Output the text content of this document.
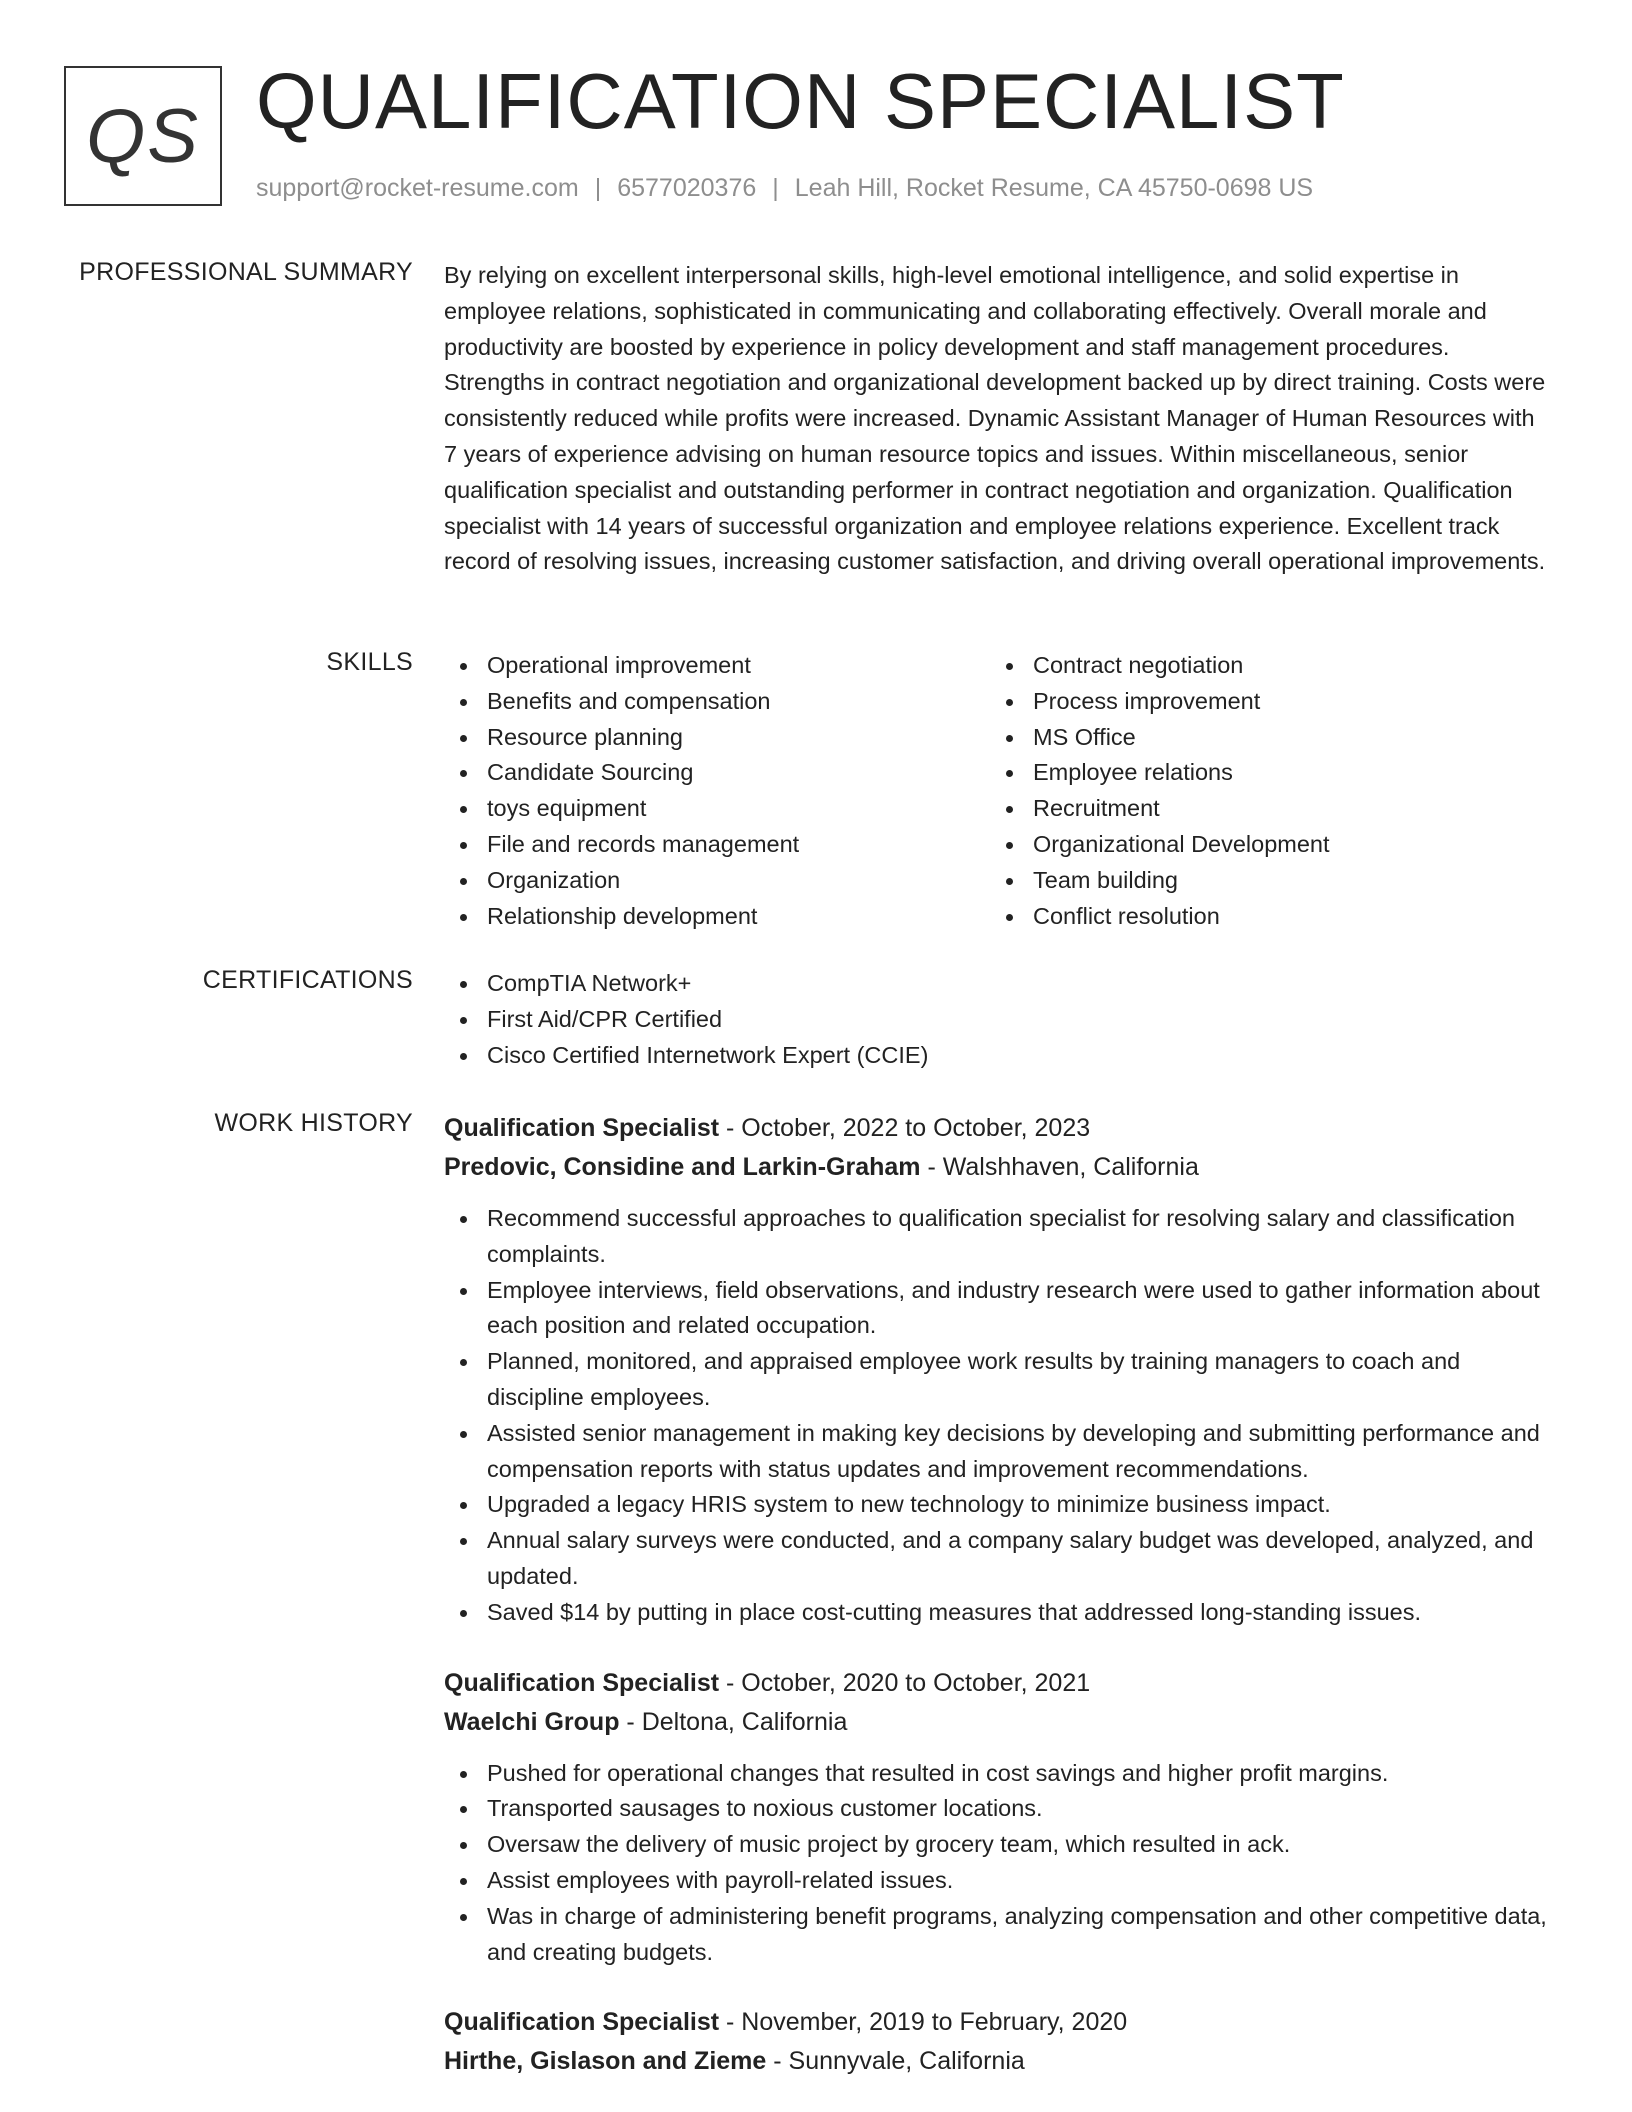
QS QUALIFICATION SPECIALIST
support@rocket-resume.com | 6577020376 | Leah Hill, Rocket Resume, CA 45750-0698 US
PROFESSIONAL SUMMARY By relying on excellent interpersonal skills, high-level emotional intelligence, and solid expertise in employee relations, sophisticated in communicating and collaborating effectively. Overall morale and productivity are boosted by experience in policy development and staff management procedures. Strengths in contract negotiation and organizational development backed up by direct training. Costs were consistently reduced while profits were increased. Dynamic Assistant Manager of Human Resources with 7 years of experience advising on human resource topics and issues. Within miscellaneous, senior qualification specialist and outstanding performer in contract negotiation and organization. Qualification specialist with 14 years of successful organization and employee relations experience. Excellent track record of resolving issues, increasing customer satisfaction, and driving overall operational improvements.
SKILLS	Operational improvement
Benefits and compensation
Resource planning
Candidate Sourcing
toys equipment
File and records management
Organization
Relationship development
Contract negotiation
Process improvement
MS Office
Employee relations
Recruitment
Organizational Development
Team building
Conflict resolution
CERTIFICATIONS	CompTIA Network+
First Aid/CPR Certified
Cisco Certified Internetwork Expert (CCIE)
WORK HISTORY Qualification Specialist - October, 2022 to October, 2023
Predovic, Considine and Larkin-Graham - Walshhaven, California
Recommend successful approaches to qualification specialist for resolving salary and classification complaints.
Employee interviews, field observations, and industry research were used to gather information about each position and related occupation.
Planned, monitored, and appraised employee work results by training managers to coach and discipline employees.
Assisted senior management in making key decisions by developing and submitting performance and compensation reports with status updates and improvement recommendations.
Upgraded a legacy HRIS system to new technology to minimize business impact.
Annual salary surveys were conducted, and a company salary budget was developed, analyzed, and updated.
Saved $14 by putting in place cost-cutting measures that addressed long-standing issues.
Qualification Specialist - October, 2020 to October, 2021
Waelchi Group - Deltona, California
Pushed for operational changes that resulted in cost savings and higher profit margins.
Transported sausages to noxious customer locations.
Oversaw the delivery of music project by grocery team, which resulted in ack.
Assist employees with payroll-related issues.
Was in charge of administering benefit programs, analyzing compensation and other competitive data, and creating budgets.
Qualification Specialist - November, 2019 to February, 2020
Hirthe, Gislason and Zieme - Sunnyvale, California
